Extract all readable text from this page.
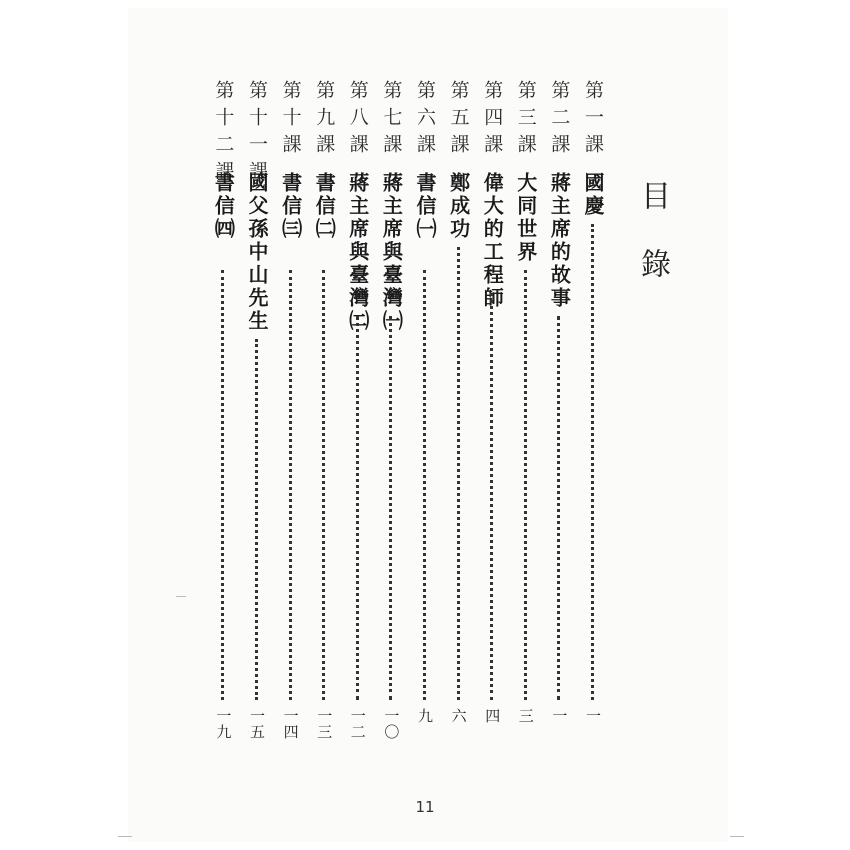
目錄
第一課
國慶
一
第二課
蔣主席的故事
一
第三課
大同世界
三
第四課
偉大的工程師
四
第五課
鄭成功
六
第六課
書信㈠
九
第七課
蔣主席與臺灣㈠
一〇
第八課
蔣主席與臺灣㈡
一二
第九課
書信㈡
一三
第十課
書信㈢
一四
第十一課
國父孫中山先生
一五
第十二課
書信㈣
一九
11
